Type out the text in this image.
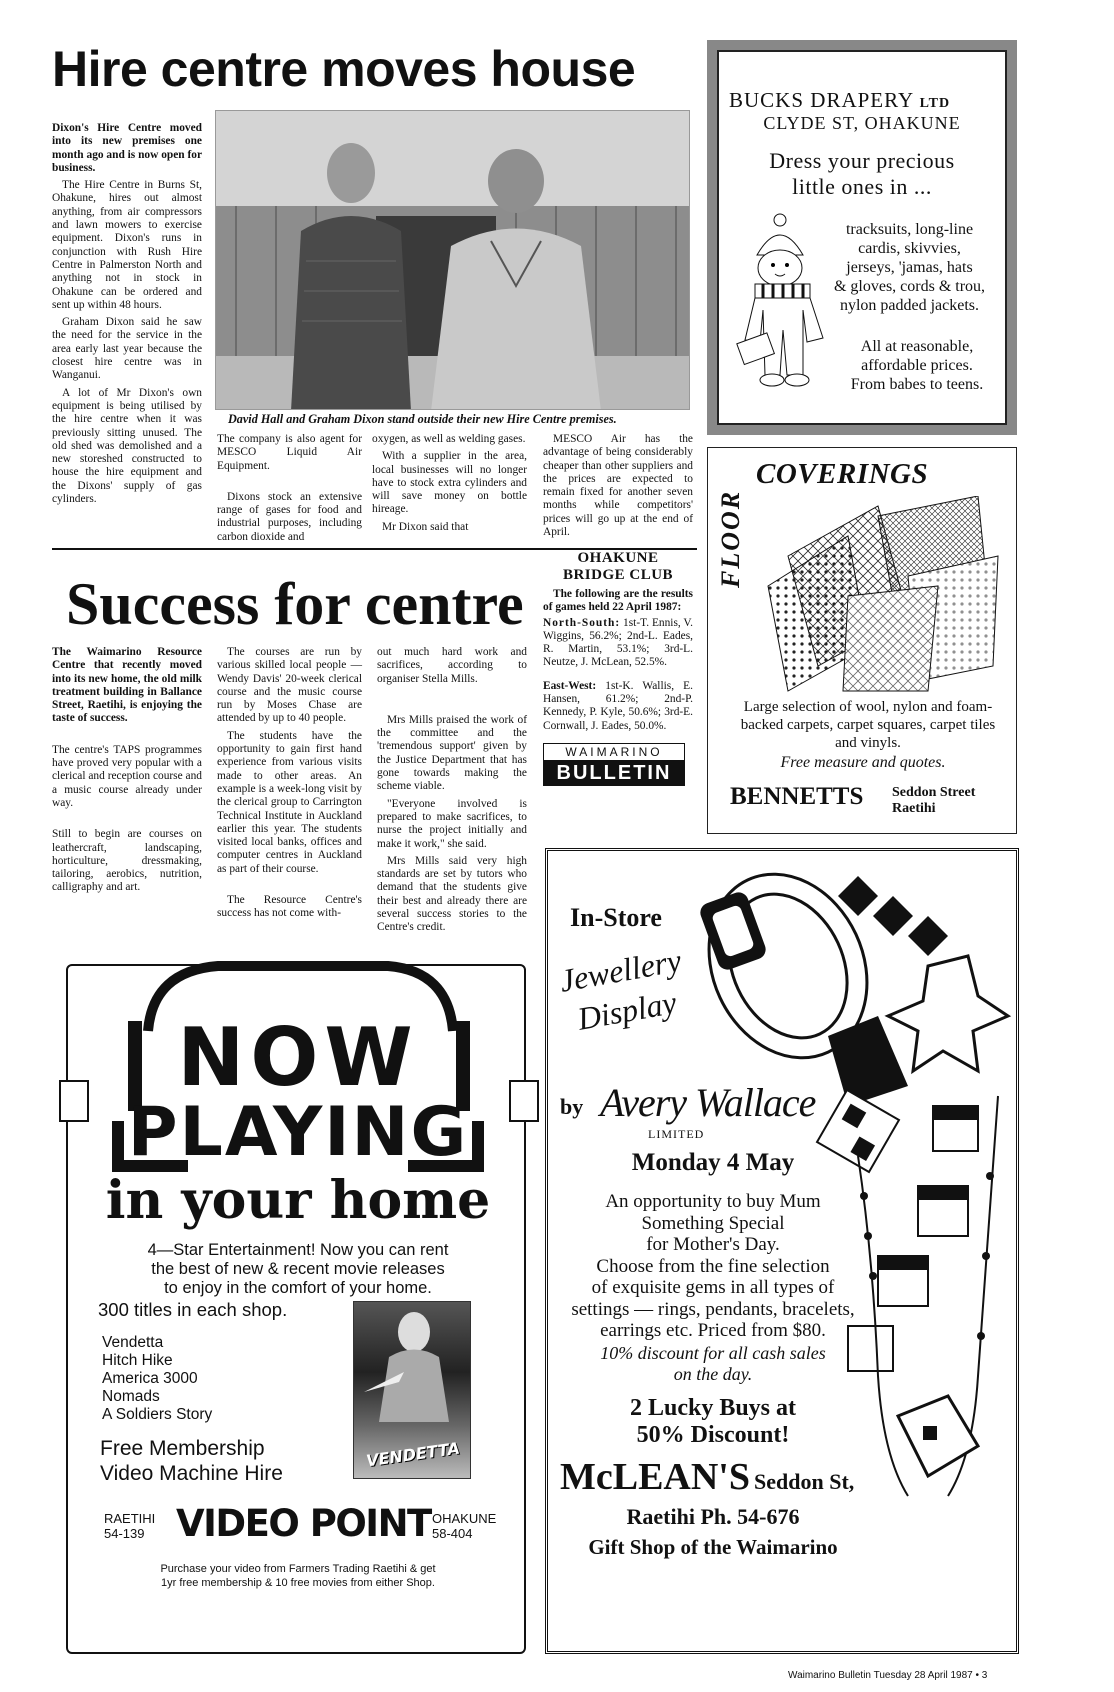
Hire centre moves house

Dixon's Hire Centre moved into its new premises one month ago and is now open for business.

The Hire Centre in Burns St, Ohakune, hires out almost anything, from air compressors and lawn mowers to exercise equipment. Dixon's runs in conjunction with Rush Hire Centre in Palmerston North and anything not in stock in Ohakune can be ordered and sent up within 48 hours.

Graham Dixon said he saw the need for the service in the area early last year because the closest hire centre was in Wanganui.

A lot of Mr Dixon's own equipment is being utilised by the hire centre when it was previously sitting unused. The old shed was demolished and a new storeshed constructed to house the hire equipment and the Dixons' supply of gas cylinders.

David Hall and Graham Dixon stand outside their new Hire Centre premises.

The company is also agent for MESCO Liquid Air Equipment.

Dixons stock an extensive range of gases for food and industrial purposes, including carbon dioxide and

oxygen, as well as welding gases.

With a supplier in the area, local businesses will no longer have to stock extra cylinders and will save money on bottle hireage.

Mr Dixon said that

MESCO Air has the advantage of being considerably cheaper than other suppliers and the prices are expected to remain fixed for another seven months while competitors' prices will go up at the end of April.

Success for centre

The Waimarino Resource Centre that recently moved into its new home, the old milk treatment building in Ballance Street, Raetihi, is enjoying the taste of success.

The centre's TAPS programmes have proved very popular with a clerical and reception course and a music course already under way.

Still to begin are courses on leathercraft, landscaping, horticulture, dressmaking, tailoring, aerobics, nutrition, calligraphy and art.

The courses are run by various skilled local people — Wendy Davis' 20-week clerical course and the music course run by Moses Chase are attended by up to 40 people.

The students have the opportunity to gain first hand experience from various visits made to other areas. An example is a week-long visit by the clerical group to Carrington Technical Institute in Auckland earlier this year. The students visited local banks, offices and computer centres in Auckland as part of their course.

The Resource Centre's success has not come with-

out much hard work and sacrifices, according to organiser Stella Mills.

Mrs Mills praised the work of the committee and the 'tremendous support' given by the Justice Department that has gone towards making the scheme viable.

"Everyone involved is prepared to make sacrifices, to nurse the project initially and make it work," she said.

Mrs Mills said very high standards are set by tutors who demand that the students give their best and already there are several success stories to the Centre's credit.

OHAKUNE
BRIDGE CLUB

The following are the results of games held 22 April 1987:

North-South: 1st-T. Ennis, V. Wiggins, 56.2%; 2nd-L. Eades, R. Martin, 53.1%; 3rd-L. Neutze, J. McLean, 52.5%.

East-West: 1st-K. Wallis, E. Hansen, 61.2%; 2nd-P. Kennedy, P. Kyle, 50.6%; 3rd-E. Cornwall, J. Eades, 50.0%.

WAIMARINO
BULLETIN
BUCKS DRAPERY LTD
CLYDE ST, OHAKUNE
Dress your precious
little ones in ...
tracksuits, long-line
cardis, skivvies,
jerseys, 'jamas, hats
& gloves, cords & trou,
nylon padded jackets.
All at reasonable,
affordable prices.
From babes to teens.
FLOOR
COVERINGS
Large selection of wool, nylon and foam-backed carpets, carpet squares, carpet tiles and vinyls.
Free measure and quotes.
BENNETTS Seddon Street
Raetihi
NOW
PLAYING
in your home
4—Star Entertainment! Now you can rent
the best of new & recent movie releases
to enjoy in the comfort of your home.
300 titles in each shop.
Vendetta
Hitch Hike
America 3000
Nomads
A Soldiers Story
VENDETTA
Free Membership
Video Machine Hire
RAETIHI
54-139 VIDEO POINT OHAKUNE
58-404
Purchase your video from Farmers Trading Raetihi & get
1yr free membership & 10 free movies from either Shop.
In-Store
Jewellery
Display
by Avery Wallace
LIMITED
Monday 4 May
An opportunity to buy Mum
Something Special
for Mother's Day.
Choose from the fine selection
of exquisite gems in all types of
settings — rings, pendants, bracelets,
earrings etc. Priced from $80.
10% discount for all cash sales
on the day.
2 Lucky Buys at
50% Discount!
McLEAN'S Seddon St,
Raetihi Ph. 54-676
Gift Shop of the Waimarino
Waimarino Bulletin Tuesday 28 April 1987 • 3
